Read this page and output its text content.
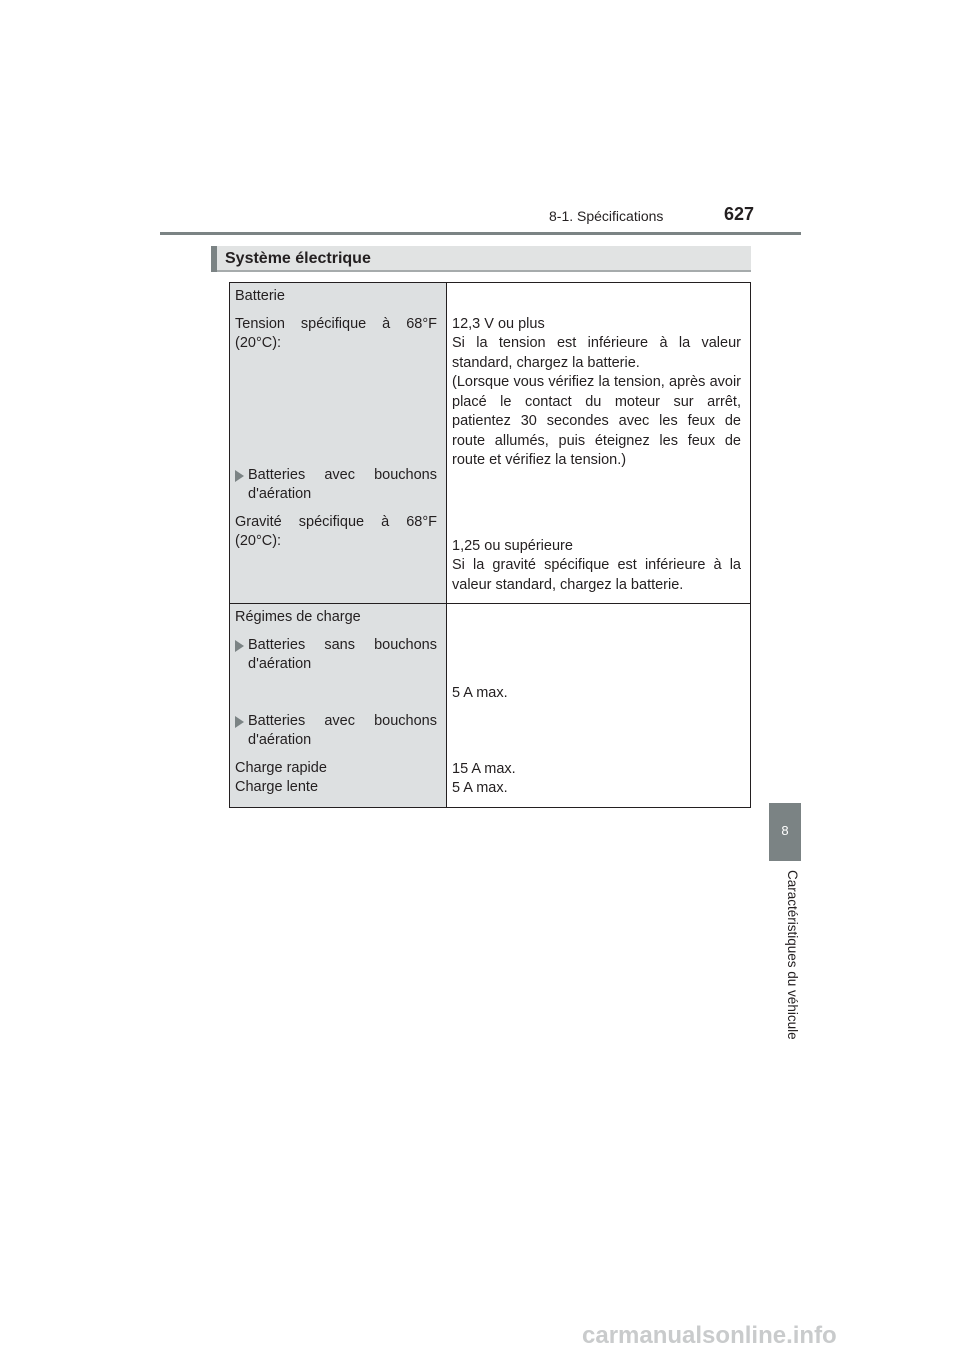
8-1. Spécifications	627
Système électrique
Batterie
Tension spécifique à 68°F (20°C):
Batteries avec bouchons d'aération
Gravité spécifique à 68°F (20°C):

12,3 V ou plus
Si la tension est inférieure à la valeur standard, chargez la batterie.
(Lorsque vous vérifiez la tension, après avoir placé le contact du moteur sur arrêt, patientez 30 secondes avec les feux de route allumés, puis éteignez les feux de route et vérifiez la tension.)
1,25 ou supérieure
Si la gravité spécifique est inférieure à la valeur standard, chargez la batterie.
Régimes de charge
Batteries sans bouchons d'aération
Batteries avec bouchons d'aération
Charge rapide
Charge lente
5 A max.
15 A max.
5 A max.
8
Caractéristiques du véhicule
carmanualsonline.info
